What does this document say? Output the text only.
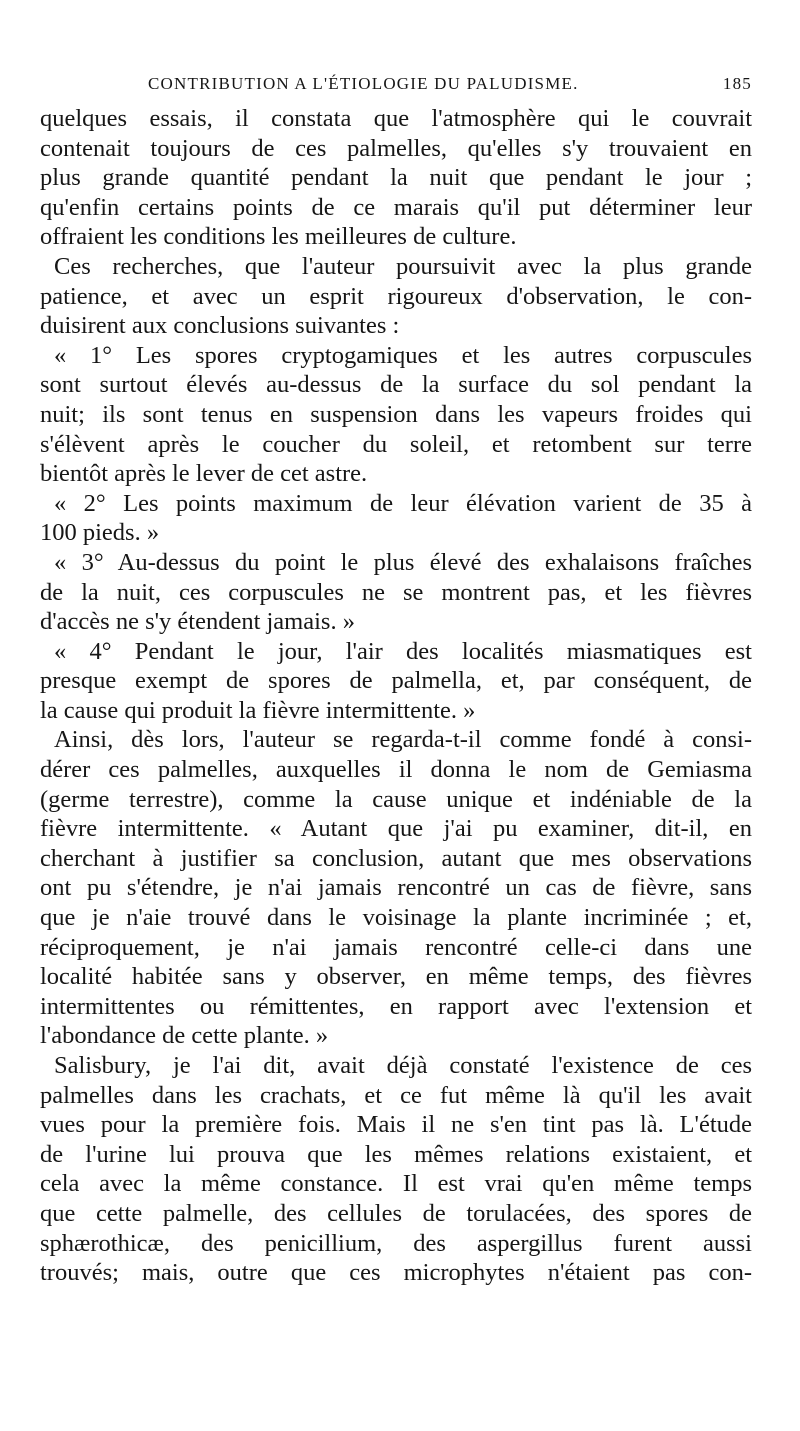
CONTRIBUTION A L'ÉTIOLOGIE DU PALUDISME.	185
quelques essais, il constata que l'atmosphère qui le couvrait
contenait toujours de ces palmelles, qu'elles s'y trouvaient en
plus grande quantité pendant la nuit que pendant le jour ;
qu'enfin certains points de ce marais qu'il put déterminer leur
offraient les conditions les meilleures de culture.
Ces recherches, que l'auteur poursuivit avec la plus grande
patience, et avec un esprit rigoureux d'observation, le con-
duisirent aux conclusions suivantes :
« 1° Les spores cryptogamiques et les autres corpuscules
sont surtout élevés au-dessus de la surface du sol pendant la
nuit; ils sont tenus en suspension dans les vapeurs froides qui
s'élèvent après le coucher du soleil, et retombent sur terre
bientôt après le lever de cet astre.
« 2° Les points maximum de leur élévation varient de 35 à
100 pieds. »
« 3° Au-dessus du point le plus élevé des exhalaisons fraîches
de la nuit, ces corpuscules ne se montrent pas, et les fièvres
d'accès ne s'y étendent jamais. »
« 4° Pendant le jour, l'air des localités miasmatiques est
presque exempt de spores de palmella, et, par conséquent, de
la cause qui produit la fièvre intermittente. »
Ainsi, dès lors, l'auteur se regarda-t-il comme fondé à consi-
dérer ces palmelles, auxquelles il donna le nom de Gemiasma
(germe terrestre), comme la cause unique et indéniable de la
fièvre intermittente. « Autant que j'ai pu examiner, dit-il, en
cherchant à justifier sa conclusion, autant que mes observations
ont pu s'étendre, je n'ai jamais rencontré un cas de fièvre, sans
que je n'aie trouvé dans le voisinage la plante incriminée ; et,
réciproquement, je n'ai jamais rencontré celle-ci dans une
localité habitée sans y observer, en même temps, des fièvres
intermittentes ou rémittentes, en rapport avec l'extension et
l'abondance de cette plante. »
Salisbury, je l'ai dit, avait déjà constaté l'existence de ces
palmelles dans les crachats, et ce fut même là qu'il les avait
vues pour la première fois. Mais il ne s'en tint pas là. L'étude
de l'urine lui prouva que les mêmes relations existaient, et
cela avec la même constance. Il est vrai qu'en même temps
que cette palmelle, des cellules de torulacées, des spores de
sphærothicæ, des penicillium, des aspergillus furent aussi
trouvés; mais, outre que ces microphytes n'étaient pas con-
